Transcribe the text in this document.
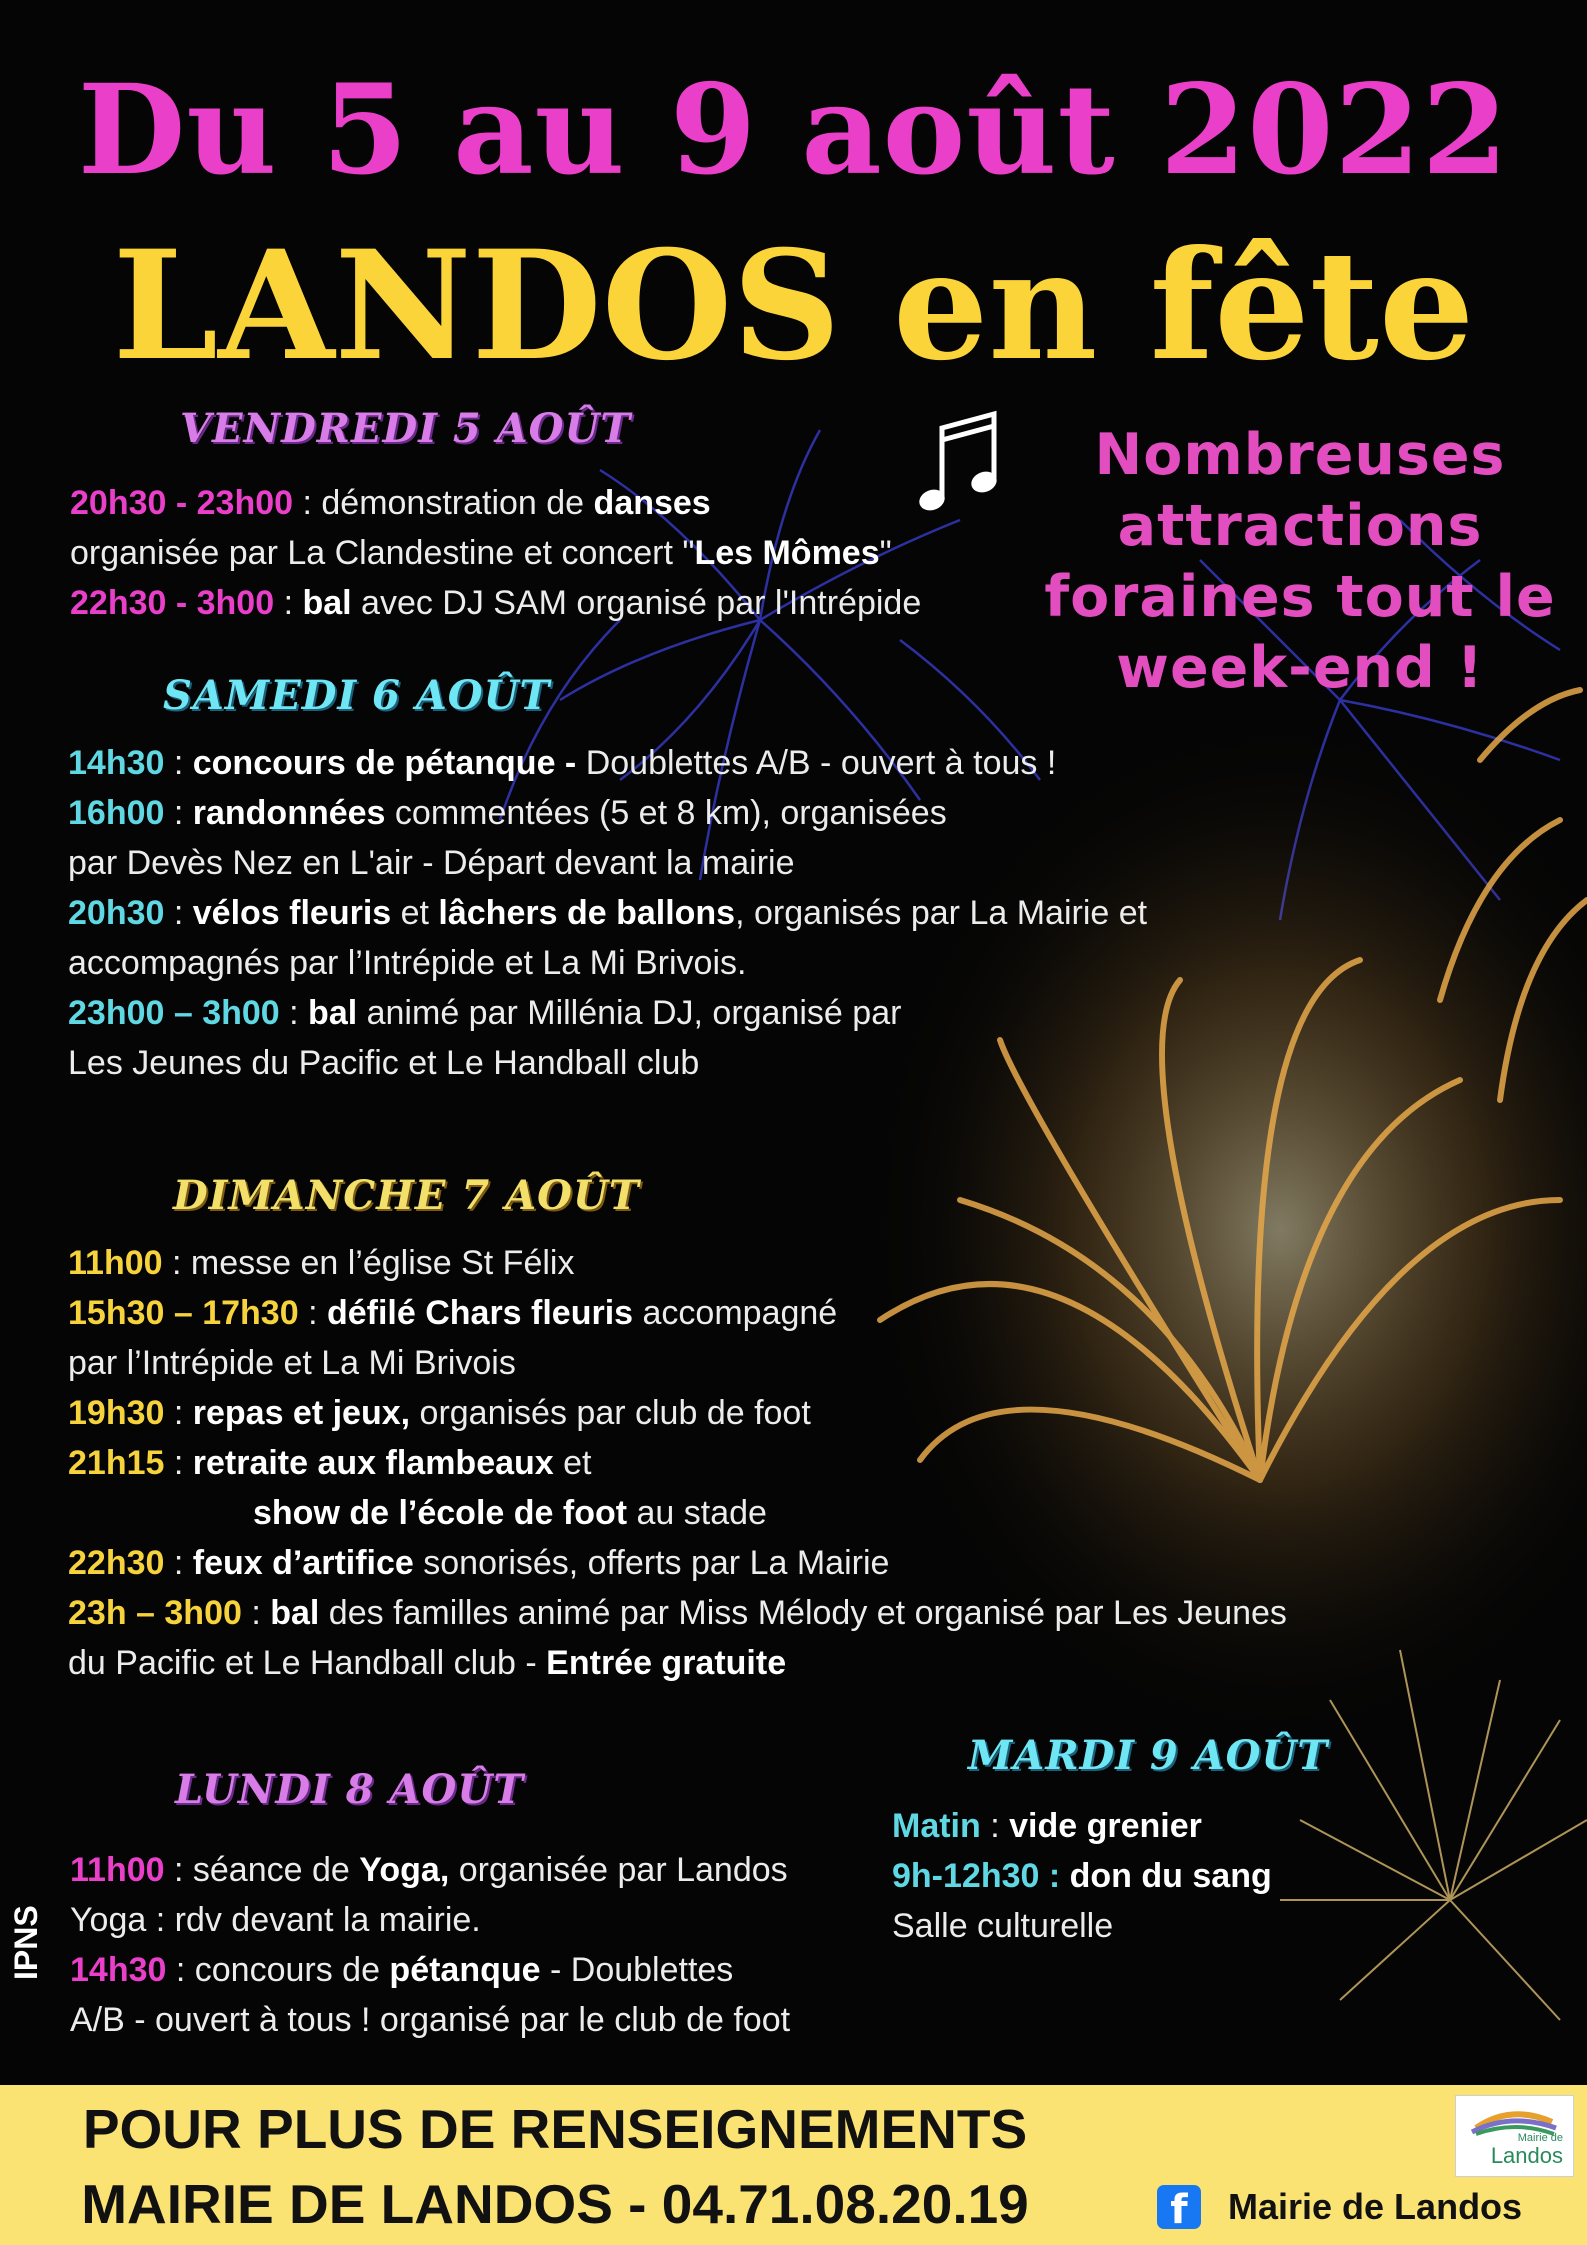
Du 5 au 9 août 2022
LANDOS en fête
Nombreuses attractions foraines tout le week-end !
VENDREDI 5 AOÛT
20h30 - 23h00 : démonstration de danses
organisée par La Clandestine et concert "Les Mômes"
22h30 - 3h00 : bal avec DJ SAM organisé par l'Intrépide
SAMEDI 6 AOÛT
14h30 : concours de pétanque - Doublettes A/B - ouvert à tous !
16h00 : randonnées commentées (5 et 8 km), organisées
par Devès Nez en L'air - Départ devant la mairie
20h30 : vélos fleuris et lâchers de ballons, organisés par La Mairie et
accompagnés par l’Intrépide et La Mi Brivois.
23h00 – 3h00 : bal animé par Millénia DJ, organisé par
Les Jeunes du Pacific et Le Handball club
DIMANCHE 7 AOÛT
11h00 : messe en l’église St Félix
15h30 – 17h30 : défilé Chars fleuris accompagné
par l’Intrépide et La Mi Brivois
19h30 : repas et jeux, organisés par club de foot
21h15 : retraite aux flambeaux et
show de l’école de foot au stade
22h30 : feux d’artifice sonorisés, offerts par La Mairie
23h – 3h00 : bal des familles animé par Miss Mélody et organisé par Les Jeunes
du Pacific et Le Handball club - Entrée gratuite
LUNDI 8 AOÛT
11h00 : séance de Yoga, organisée par Landos
Yoga : rdv devant la mairie.
14h30 : concours de pétanque - Doublettes
A/B - ouvert à tous ! organisé par le club de foot
MARDI 9 AOÛT
Matin : vide grenier
9h-12h30 : don du sang
Salle culturelle
IPNS
POUR PLUS DE RENSEIGNEMENTS
MAIRIE DE LANDOS - 04.71.08.20.19
Mairie de
Landos
f	Mairie de Landos
